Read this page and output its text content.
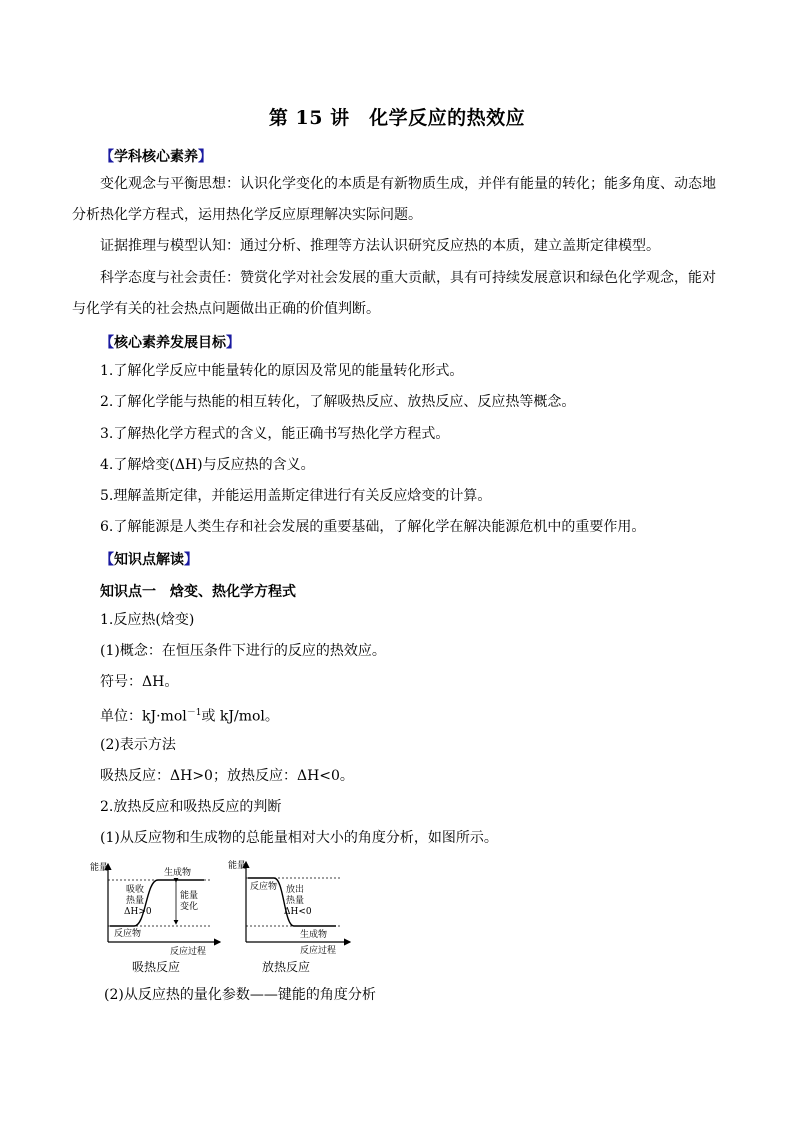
第 15 讲　化学反应的热效应
【学科核心素养】
变化观念与平衡思想：认识化学变化的本质是有新物质生成，并伴有能量的转化；能多角度、动态地
分析热化学方程式，运用热化学反应原理解决实际问题。
证据推理与模型认知：通过分析、推理等方法认识研究反应热的本质，建立盖斯定律模型。
科学态度与社会责任：赞赏化学对社会发展的重大贡献，具有可持续发展意识和绿色化学观念，能对
与化学有关的社会热点问题做出正确的价值判断。
【核心素养发展目标】
1.了解化学反应中能量转化的原因及常见的能量转化形式。
2.了解化学能与热能的相互转化，了解吸热反应、放热反应、反应热等概念。
3.了解热化学方程式的含义，能正确书写热化学方程式。
4.了解焓变(ΔH)与反应热的含义。
5.理解盖斯定律，并能运用盖斯定律进行有关反应焓变的计算。
6.了解能源是人类生存和社会发展的重要基础，了解化学在解决能源危机中的重要作用。
【知识点解读】
知识点一　焓变、热化学方程式
1.反应热(焓变)
(1)概念：在恒压条件下进行的反应的热效应。
符号：ΔH。
单位：kJ·mol$^{-1}$或 kJ/mol。
(2)表示方法
吸热反应：ΔH>0；放热反应：ΔH<0。
2.放热反应和吸热反应的判断
(1)从反应物和生成物的总能量相对大小的角度分析，如图所示。
能量
反应物
生成物
吸收
热量
ΔH>0
能量
变化
反应过程
吸热反应
能量
反应物 放出
热量
ΔH<0
生成物
反应过程
放热反应
(2)从反应热的量化参数——键能的角度分析
